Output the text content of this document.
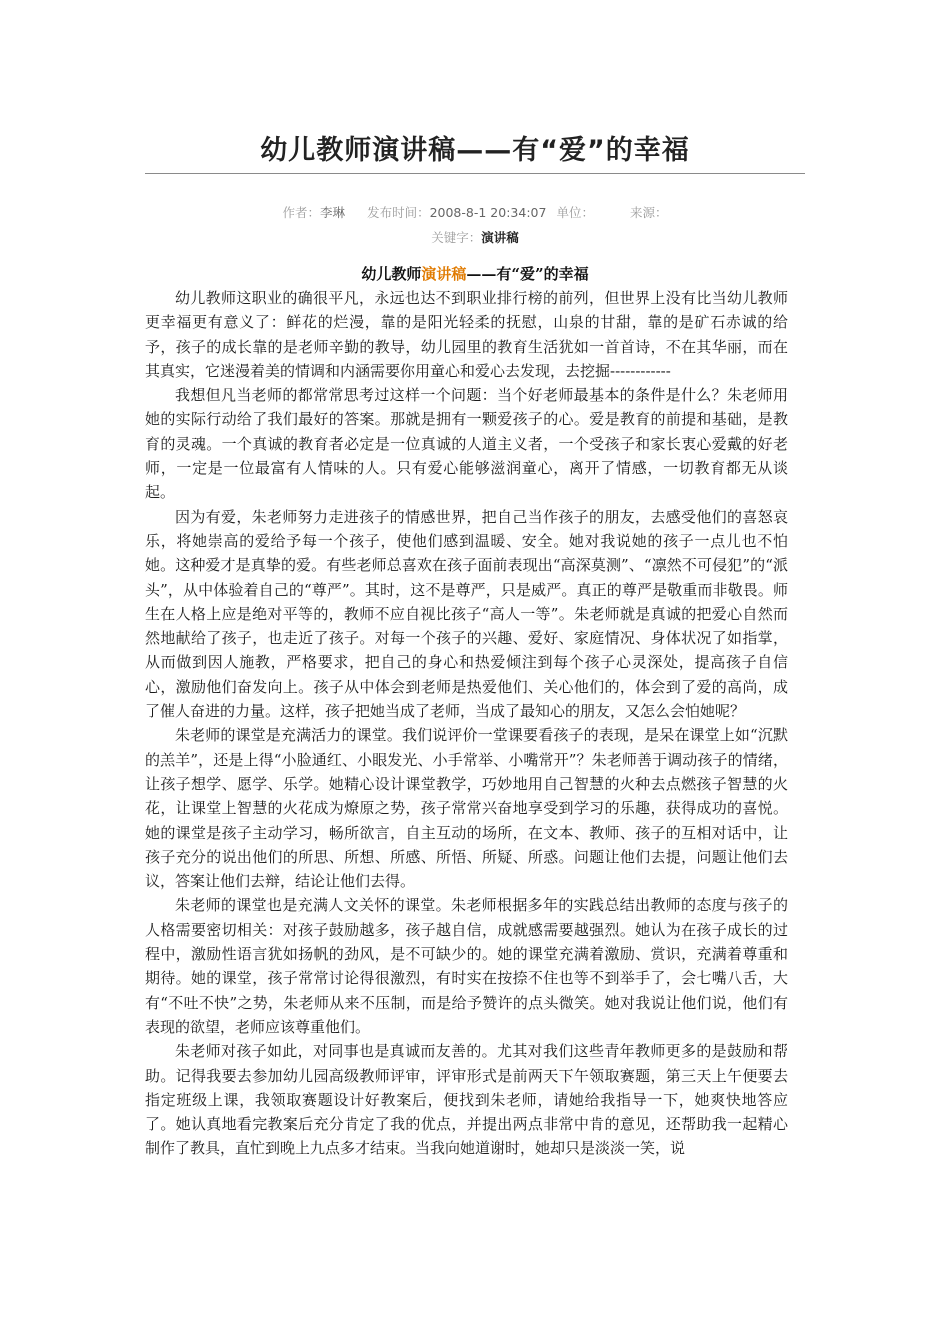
幼儿教师演讲稿——有“爱”的幸福
作者：李琳 发布时间：2008-8-1 20:34:07 单位：	来源：
关键字：演讲稿
幼儿教师演讲稿——有“爱”的幸福

幼儿教师这职业的确很平凡，永远也达不到职业排行榜的前列，但世界上没有比当幼儿教师更幸福更有意义了：鲜花的烂漫，靠的是阳光轻柔的抚慰，山泉的甘甜，靠的是矿石赤诚的给予，孩子的成长靠的是老师辛勤的教导，幼儿园里的教育生活犹如一首首诗，不在其华丽，而在其真实，它迷漫着美的情调和内涵需要你用童心和爱心去发现，去挖掘------------

我想但凡当老师的都常常思考过这样一个问题：当个好老师最基本的条件是什么？朱老师用她的实际行动给了我们最好的答案。那就是拥有一颗爱孩子的心。爱是教育的前提和基础，是教育的灵魂。一个真诚的教育者必定是一位真诚的人道主义者，一个受孩子和家长衷心爱戴的好老师，一定是一位最富有人情味的人。只有爱心能够滋润童心，离开了情感，一切教育都无从谈起。

因为有爱，朱老师努力走进孩子的情感世界，把自己当作孩子的朋友，去感受他们的喜怒哀乐，将她崇高的爱给予每一个孩子，使他们感到温暖、安全。她对我说她的孩子一点儿也不怕她。这种爱才是真挚的爱。有些老师总喜欢在孩子面前表现出“高深莫测”、“凛然不可侵犯”的“派头”，从中体验着自己的“尊严”。其时，这不是尊严，只是威严。真正的尊严是敬重而非敬畏。师生在人格上应是绝对平等的，教师不应自视比孩子“高人一等”。朱老师就是真诚的把爱心自然而然地献给了孩子，也走近了孩子。对每一个孩子的兴趣、爱好、家庭情况、身体状况了如指掌，从而做到因人施教，严格要求，把自己的身心和热爱倾注到每个孩子心灵深处，提高孩子自信心，激励他们奋发向上。孩子从中体会到老师是热爱他们、关心他们的，体会到了爱的高尚，成了催人奋进的力量。这样，孩子把她当成了老师，当成了最知心的朋友，又怎么会怕她呢？

朱老师的课堂是充满活力的课堂。我们说评价一堂课要看孩子的表现，是呆在课堂上如“沉默的羔羊”，还是上得“小脸通红、小眼发光、小手常举、小嘴常开”？朱老师善于调动孩子的情绪，让孩子想学、愿学、乐学。她精心设计课堂教学，巧妙地用自己智慧的火种去点燃孩子智慧的火花，让课堂上智慧的火花成为燎原之势，孩子常常兴奋地享受到学习的乐趣，获得成功的喜悦。她的课堂是孩子主动学习，畅所欲言，自主互动的场所，在文本、教师、孩子的互相对话中，让孩子充分的说出他们的所思、所想、所感、所悟、所疑、所惑。问题让他们去提，问题让他们去议，答案让他们去辩，结论让他们去得。

朱老师的课堂也是充满人文关怀的课堂。朱老师根据多年的实践总结出教师的态度与孩子的人格需要密切相关：对孩子鼓励越多，孩子越自信，成就感需要越强烈。她认为在孩子成长的过程中，激励性语言犹如扬帆的劲风，是不可缺少的。她的课堂充满着激励、赏识，充满着尊重和期待。她的课堂，孩子常常讨论得很激烈，有时实在按捺不住也等不到举手了，会七嘴八舌，大有“不吐不快”之势，朱老师从来不压制，而是给予赞许的点头微笑。她对我说让他们说，他们有表现的欲望，老师应该尊重他们。

朱老师对孩子如此，对同事也是真诚而友善的。尤其对我们这些青年教师更多的是鼓励和帮助。记得我要去参加幼儿园高级教师评审，评审形式是前两天下午领取赛题，第三天上午便要去指定班级上课，我领取赛题设计好教案后，便找到朱老师，请她给我指导一下，她爽快地答应了。她认真地看完教案后充分肯定了我的优点，并提出两点非常中肯的意见，还帮助我一起精心制作了教具，直忙到晚上九点多才结束。当我向她道谢时，她却只是淡淡一笑，说
